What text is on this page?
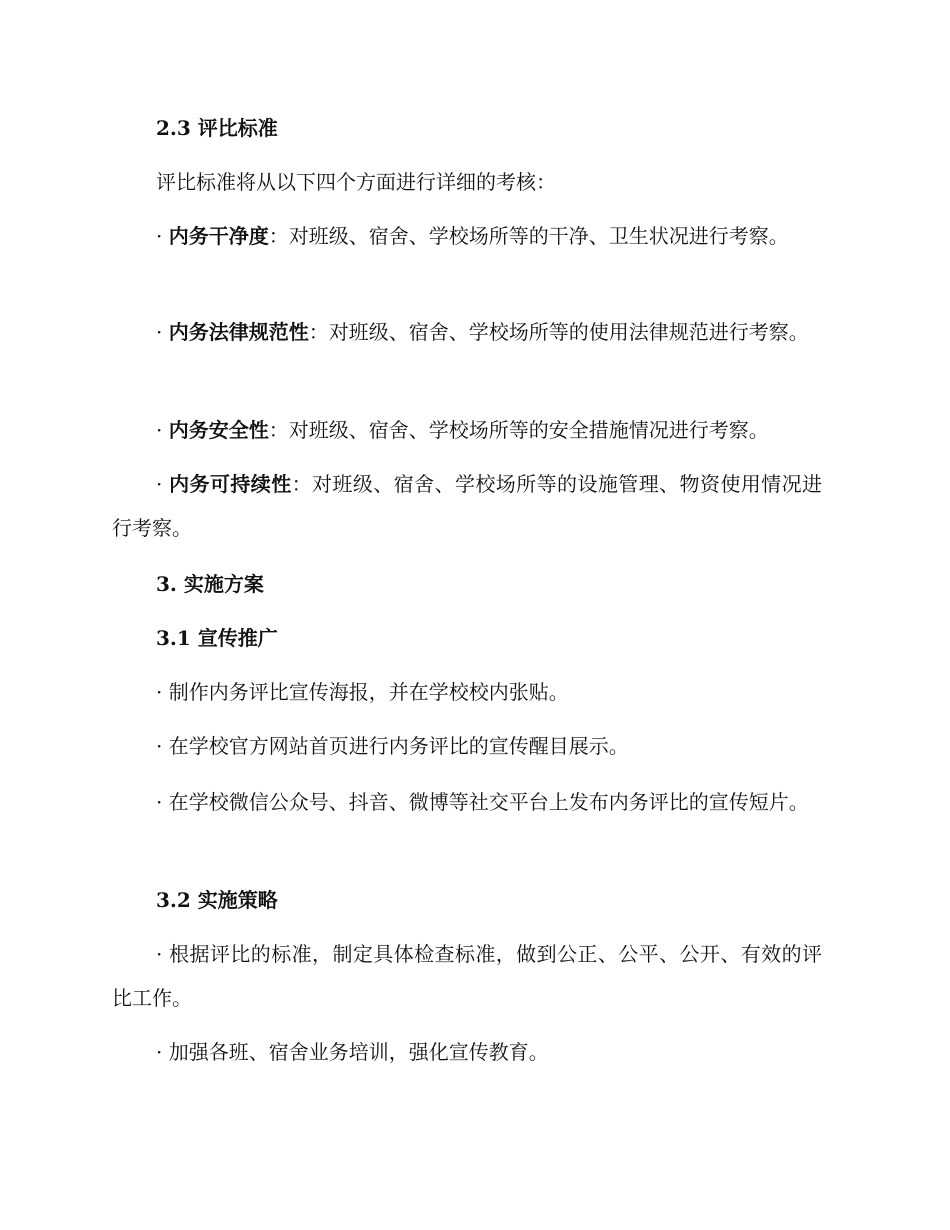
2.3 评比标准

评比标准将从以下四个方面进行详细的考核：

· 内务干净度：对班级、宿舍、学校场所等的干净、卫生状况进行考察。

· 内务法律规范性：对班级、宿舍、学校场所等的使用法律规范进行考察。

· 内务安全性：对班级、宿舍、学校场所等的安全措施情况进行考察。

· 内务可持续性：对班级、宿舍、学校场所等的设施管理、物资使用情况进行考察。

3. 实施方案
3.1 宣传推广

· 制作内务评比宣传海报，并在学校校内张贴。

· 在学校官方网站首页进行内务评比的宣传醒目展示。

· 在学校微信公众号、抖音、微博等社交平台上发布内务评比的宣传短片。

3.2 实施策略

· 根据评比的标准，制定具体检查标准，做到公正、公平、公开、有效的评比工作。

· 加强各班、宿舍业务培训，强化宣传教育。
